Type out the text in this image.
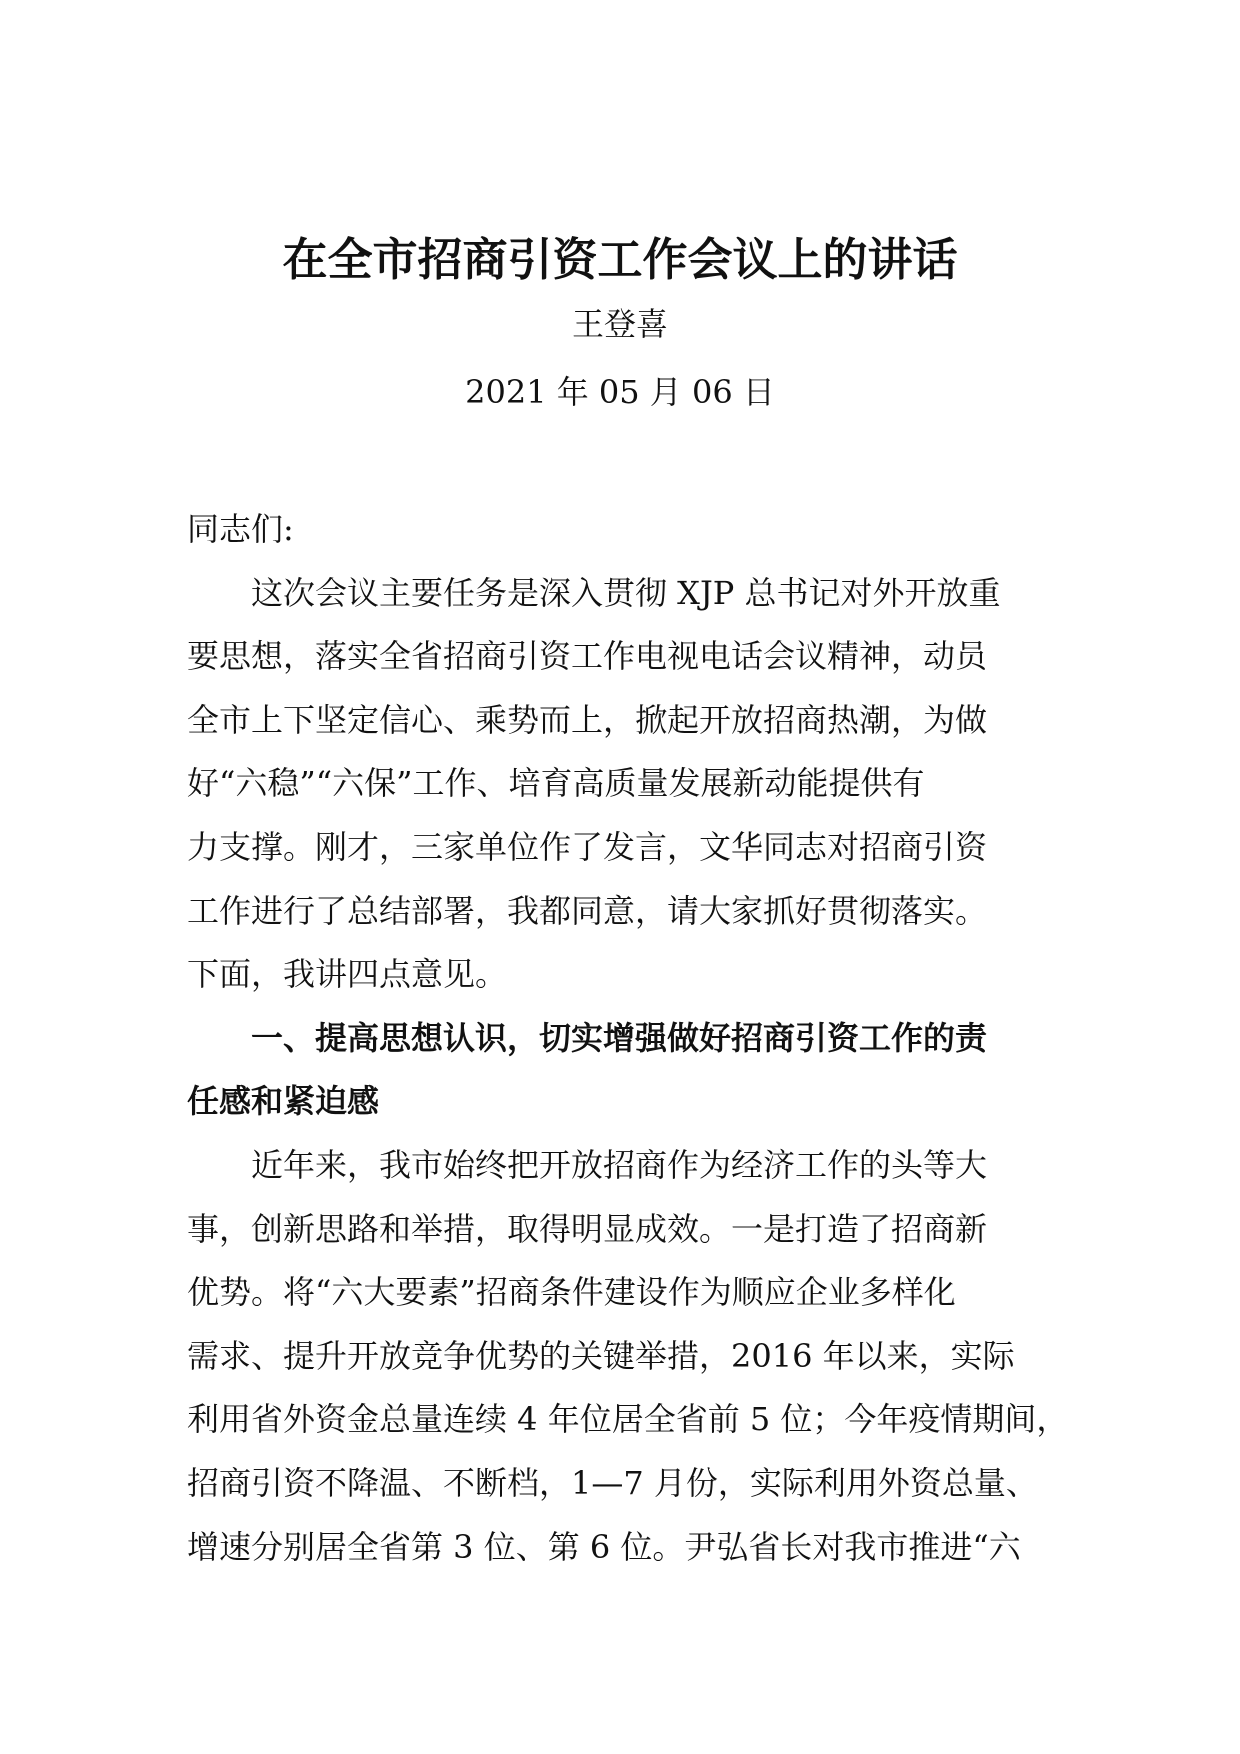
在全市招商引资工作会议上的讲话
王登喜
2021 年 05 月 06 日
同志们:
这次会议主要任务是深入贯彻 XJP 总书记对外开放重
要思想，落实全省招商引资工作电视电话会议精神，动员
全市上下坚定信心、乘势而上，掀起开放招商热潮，为做
好“六稳”“六保”工作、培育高质量发展新动能提供有
力支撑。刚才，三家单位作了发言，文华同志对招商引资
工作进行了总结部署，我都同意，请大家抓好贯彻落实。
下面，我讲四点意见。
一、提高思想认识，切实增强做好招商引资工作的责
任感和紧迫感
近年来，我市始终把开放招商作为经济工作的头等大
事，创新思路和举措，取得明显成效。一是打造了招商新
优势。将“六大要素”招商条件建设作为顺应企业多样化
需求、提升开放竞争优势的关键举措，2016 年以来，实际
利用省外资金总量连续 4 年位居全省前 5 位；今年疫情期间，
招商引资不降温、不断档，1—7 月份，实际利用外资总量、
增速分别居全省第 3 位、第 6 位。尹弘省长对我市推进“六
